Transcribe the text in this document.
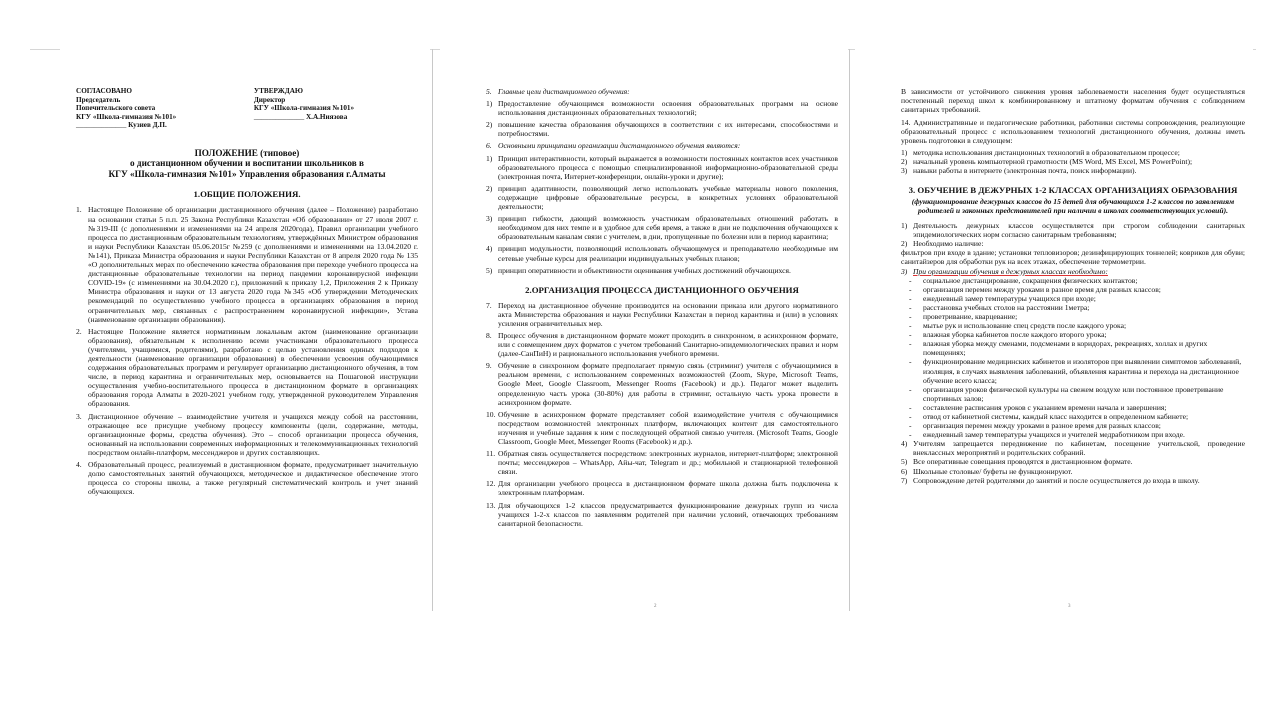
СОГЛАСОВАНО
Председатель
Попечительского совета
КГУ «Школа-гимназия №101»
______________ Кузиев Д.П.
УТВЕРЖДАЮ
Директор
КГУ «Школа-гимназия №101»
______________ Х.А.Ниязова
ПОЛОЖЕНИЕ (типовое)
о дистанционном обучении и воспитании школьников в
КГУ «Школа-гимназия №101» Управления образования г.Алматы
1.ОБЩИЕ ПОЛОЖЕНИЯ.
1. Настоящее Положение об организации дистанционного обучения (далее – Положение) разработано на основании статьи 5 п.п. 25 Закона Республики Казахстан «Об образовании» от 27 июля 2007 г.№319-III (с дополнениями и изменениями на 24 апреля 2020года), Правил организации учебного процесса по дистанционным образовательным технологиям, утверждённых Министром образования и науки Республики Казахстан 05.06.2015г №259 (с дополнениями и изменениями на 13.04.2020 г.№141), Приказа Министра образования и науки Республики Казахстан от 8 апреля 2020 года № 135 «О дополнительных мерах по обеспечению качества образования при переходе учебного процесса на дистанционные образовательные технологии на период пандемии коронавирусной инфекции COVID-19» (с изменениями на 30.04.2020 г.), приложений к приказу 1,2, Приложения 2 к Приказу Министра образования и науки от 13 августа 2020 года №345 «Об утверждении Методических рекомендаций по осуществлению учебного процесса в организациях образования в период ограничительных мер, связанных с распространением коронавирусной инфекции», Устава (наименование организации образования).
2. Настоящее Положение является нормативным локальным актом (наименование организации образования), обязательным к исполнению всеми участниками образовательного процесса (учителями, учащимися, родителями), разработано с целью установления единых подходов к деятельности (наименование организации образования) в обеспечении усвоения обучающимися содержания образовательных программ и регулирует организацию дистанционного обучения, в том числе, в период карантина и ограничительных мер, основывается на Пошаговой инструкции осуществления учебно-воспитательного процесса в дистанционном формате в организациях образования города Алматы в 2020-2021 учебном году, утвержденной руководителем Управления образования.
3. Дистанционное обучение – взаимодействие учителя и учащихся между собой на расстоянии, отражающее все присущие учебному процессу компоненты (цели, содержание, методы, организационные формы, средства обучения). Это – способ организации процесса обучения, основанный на использовании современных информационных и телекоммуникационных технологий посредством онлайн-платформ, мессенджеров и других составляющих.
4. Образовательный процесс, реализуемый в дистанционном формате, предусматривает значительную долю самостоятельных занятий обучающихся, методическое и дидактическое обеспечение этого процесса со стороны школы, а также регулярный систематический контроль и учет знаний обучающихся.
5. Главные цели дистанционного обучения:
1) Предоставление обучающимся возможности освоения образовательных программ на основе использования дистанционных образовательных технологий;
2) повышение качества образования обучающихся в соответствии с их интересами, способностями и потребностями.
6. Основными принципами организации дистанционного обучения являются:
1) Принцип интерактивности, который выражается в возможности постоянных контактов всех участников образовательного процесса с помощью специализированной информационно-образовательной среды (электронная почта, Интернет-конференции, онлайн-уроки и другие);
2) принцип адаптивности, позволяющий легко использовать учебные материалы нового поколения, содержащие цифровые образовательные ресурсы, в конкретных условиях образовательной деятельности;
3) принцип гибкости, дающий возможность участникам образовательных отношений работать в необходимом для них темпе и в удобное для себя время, а также в дни не подключения обучающихся к образовательным каналам связи с учителем, в дни, пропущенные по болезни или в период карантина;
4) принцип модульности, позволяющий использовать обучающемуся и преподавателю необходимые им сетевые учебные курсы для реализации индивидуальных учебных планов;
5) принцип оперативности и объективности оценивания учебных достижений обучающихся.
2.ОРГАНИЗАЦИЯ ПРОЦЕССА ДИСТАНЦИОННОГО ОБУЧЕНИЯ
7. Переход на дистанционное обучение производится на основании приказа или другого нормативного акта Министерства образования и науки Республики Казахстан в период карантина и (или) в условиях усиления ограничительных мер.
8. Процесс обучения в дистанционном формате может проходить в синхронном, в асинхронном формате, или с совмещением двух форматов с учетом требований Санитарно-эпидемиологических правил и норм (далее-СанПиН) и рационального использования учебного времени.
9. Обучение в синхронном формате предполагает прямую связь (стриминг) учителя с обучающимися в реальном времени, с использованием современных возможностей (Zoom, Skype, Microsoft Teams, Google Meet, Google Classroom, Messenger Rooms (Facebook) и др.). Педагог может выделить определенную часть урока (30-80%) для работы в стриминг, остальную часть урока провести в асинхронном формате.
10. Обучение в асинхронном формате представляет собой взаимодействие учителя с обучающимися посредством возможностей электронных платформ, включающих контент для самостоятельного изучения и учебные задания к ним с последующей обратной связью учителя. (Microsoft Teams, Google Classroom, Google Meet, Messenger Rooms (Facebook) и др.).
11. Обратная связь осуществляется посредством: электронных журналов, интернет-платформ; электронной почты; мессенджеров – WhatsApp, Айы-чат, Telegram и др.; мобильной и стационарной телефонной связи.
12. Для организации учебного процесса в дистанционном формате школа должна быть подключена к электронным платформам.
13. Для обучающихся 1-2 классов предусматривается функционирование дежурных групп из числа учащихся 1-2-х классов по заявлениям родителей при наличии условий, отвечающих требованиям санитарной безопасности.
2

В зависимости от устойчивого снижения уровня заболеваемости населения будет осуществляться постепенный переход школ к комбинированному и штатному форматам обучения с соблюдением санитарных требований.

14. Административные и педагогические работники, работники системы сопровождения, реализующие образовательный процесс с использованием технологий дистанционного обучения, должны иметь уровень подготовки в следующем:

1) методика использования дистанционных технологий в образовательном процессе;
2) начальный уровень компьютерной грамотности (MS Word, MS Excel, MS PowerPoint);
3) навыки работы в интернете (электронная почта, поиск информации).
3. ОБУЧЕНИЕ В ДЕЖУРНЫХ 1-2 КЛАССАХ ОРГАНИЗАЦИЯХ ОБРАЗОВАНИЯ

(функционирование дежурных классов до 15 детей для обучающихся 1-2 классов по заявлениям родителей и законных представителей при наличии в школах соответствующих условий).

1) Деятельность дежурных классов осуществляется при строгом соблюдении санитарных эпидемиологических норм согласно санитарным требованиям;
2) Необходимо наличие:

фильтров при входе в здание; установки тепловизоров; дезинфицирующих тоннелей; ковриков для обуви; санитайзеров для обработки рук на всех этажах, обеспечение термометрии.

3) При организации обучения в дежурных классах необходимо:
-	социальное дистанцирование, сокращения физических контактов;
-	организация перемен между уроками в разное время для разных классов;
-	ежедневный замер температуры учащихся при входе;
-	расстановка учебных столов на расстоянии 1метра;
-	проветривание, кварцевание;
-	мытье рук и использование спец средств после каждого урока;
-	влажная уборка кабинетов после каждого второго урока;
-	влажная уборка между сменами, подсменами в коридорах, рекреациях, холлах и других помещениях;
-	функционирование медицинских кабинетов и изоляторов при выявлении симптомов заболеваний, изоляция, в случаях выявления заболеваний, объявления карантина и перехода на дистанционное обучение всего класса;
-	организация уроков физической культуры на свежем воздухе или постоянное проветривание спортивных залов;
-	составление расписания уроков с указанием времени начала и завершения;
-	отвод от кабинетной системы, каждый класс находится в определенном кабинете;
-	организация перемен между уроками в разное время для разных классов;
-	ежедневный замер температуры учащихся и учителей медработником при входе.
4) Учителям запрещается передвижение по кабинетам, посещение учительской, проведение внеклассных мероприятий и родительских собраний.
5) Все оперативные совещания проводятся в дистанционном формате.
6) Школьные столовые/ буфеты не функционируют.
7) Сопровождение детей родителями до занятий и после осуществляется до входа в школу.
3
